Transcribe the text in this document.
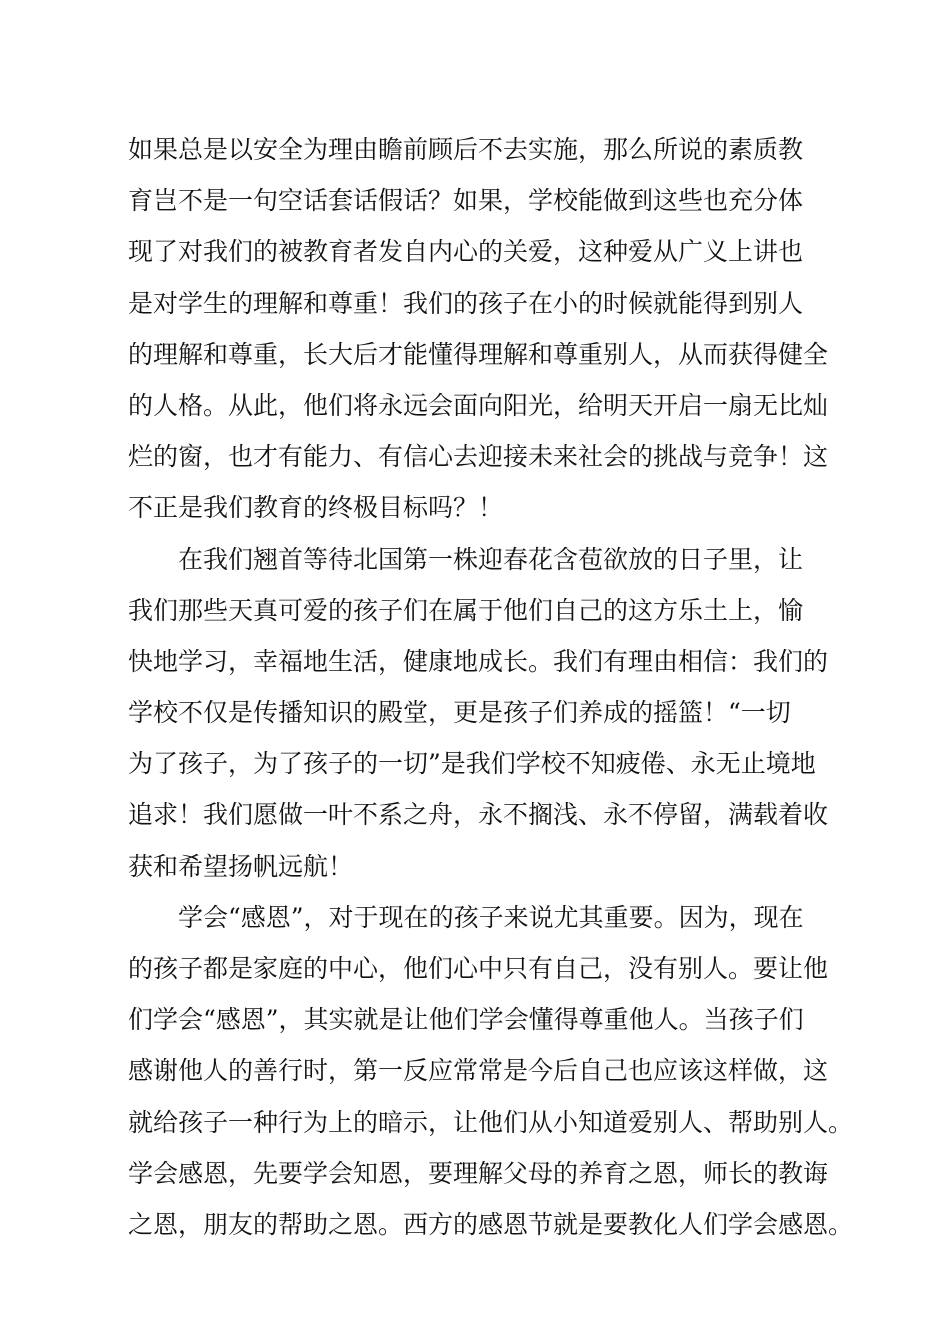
如果总是以安全为理由瞻前顾后不去实施，那么所说的素质教
育岂不是一句空话套话假话？如果，学校能做到这些也充分体
现了对我们的被教育者发自内心的关爱，这种爱从广义上讲也
是对学生的理解和尊重！我们的孩子在小的时候就能得到别人
的理解和尊重，长大后才能懂得理解和尊重别人，从而获得健全
的人格。从此，他们将永远会面向阳光，给明天开启一扇无比灿
烂的窗，也才有能力、有信心去迎接未来社会的挑战与竞争！这
不正是我们教育的终极目标吗？！
　　在我们翘首等待北国第一株迎春花含苞欲放的日子里，让
我们那些天真可爱的孩子们在属于他们自己的这方乐土上，愉
快地学习，幸福地生活，健康地成长。我们有理由相信：我们的
学校不仅是传播知识的殿堂，更是孩子们养成的摇篮！“一切
为了孩子，为了孩子的一切”是我们学校不知疲倦、永无止境地
追求！我们愿做一叶不系之舟，永不搁浅、永不停留，满载着收
获和希望扬帆远航！
　　学会“感恩”，对于现在的孩子来说尤其重要。因为，现在
的孩子都是家庭的中心，他们心中只有自己，没有别人。要让他
们学会“感恩”，其实就是让他们学会懂得尊重他人。当孩子们
感谢他人的善行时，第一反应常常是今后自己也应该这样做，这
就给孩子一种行为上的暗示，让他们从小知道爱别人、帮助别人。
学会感恩，先要学会知恩，要理解父母的养育之恩，师长的教诲
之恩，朋友的帮助之恩。西方的感恩节就是要教化人们学会感恩。
